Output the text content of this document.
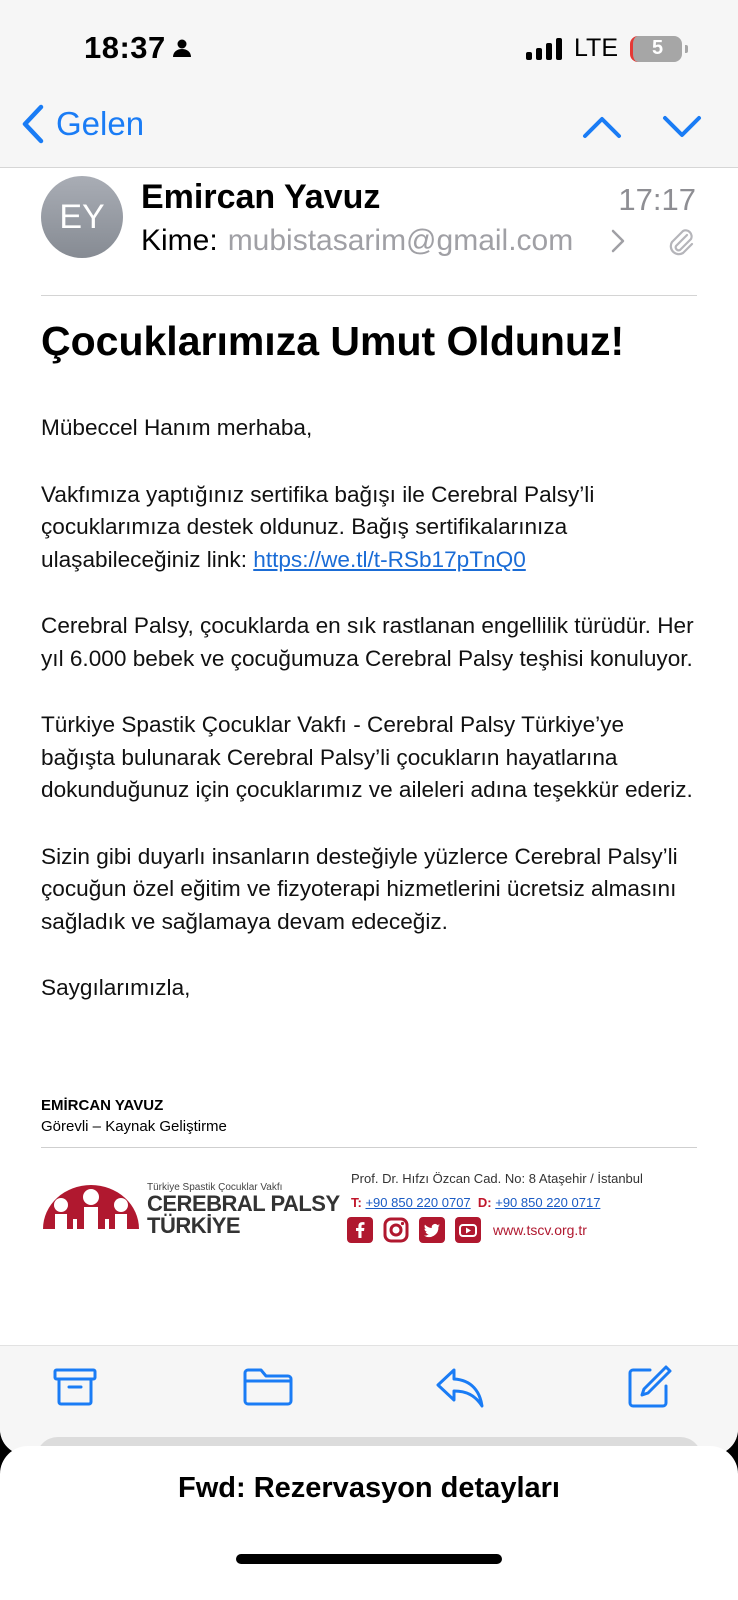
18:37	LTE 5
Gelen
EY
Emircan Yavuz	17:17
Kime: mubistasarim@gmail.com
Çocuklarımıza Umut Oldunuz!

Mübeccel Hanım merhaba,

Vakfımıza yaptığınız sertifika bağışı ile Cerebral Palsy’li çocuklarımıza destek oldunuz. Bağış sertifikalarınıza ulaşabileceğiniz link: https://we.tl/t-RSb17pTnQ0

Cerebral Palsy, çocuklarda en sık rastlanan engellilik türüdür. Her yıl 6.000 bebek ve çocuğumuza Cerebral Palsy teşhisi konuluyor.

Türkiye Spastik Çocuklar Vakfı - Cerebral Palsy Türkiye’ye bağışta bulunarak Cerebral Palsy’li çocukların hayatlarına dokunduğunuz için çocuklarımız ve aileleri adına teşekkür ederiz.

Sizin gibi duyarlı insanların desteğiyle yüzlerce Cerebral Palsy’li çocuğun özel eğitim ve fizyoterapi hizmetlerini ücretsiz almasını sağladık ve sağlamaya devam edeceğiz.

Saygılarımızla,

EMİRCAN YAVUZ
Görevli – Kaynak Geliştirme
Türkiye Spastik Çocuklar Vakfı
CEREBRAL PALSY
TÜRKİYE
Prof. Dr. Hıfzı Özcan Cad. No: 8 Ataşehir / İstanbul
T: +90 850 220 0707 D: +90 850 220 0717
www.tscv.org.tr
Fwd: Rezervasyon detayları
